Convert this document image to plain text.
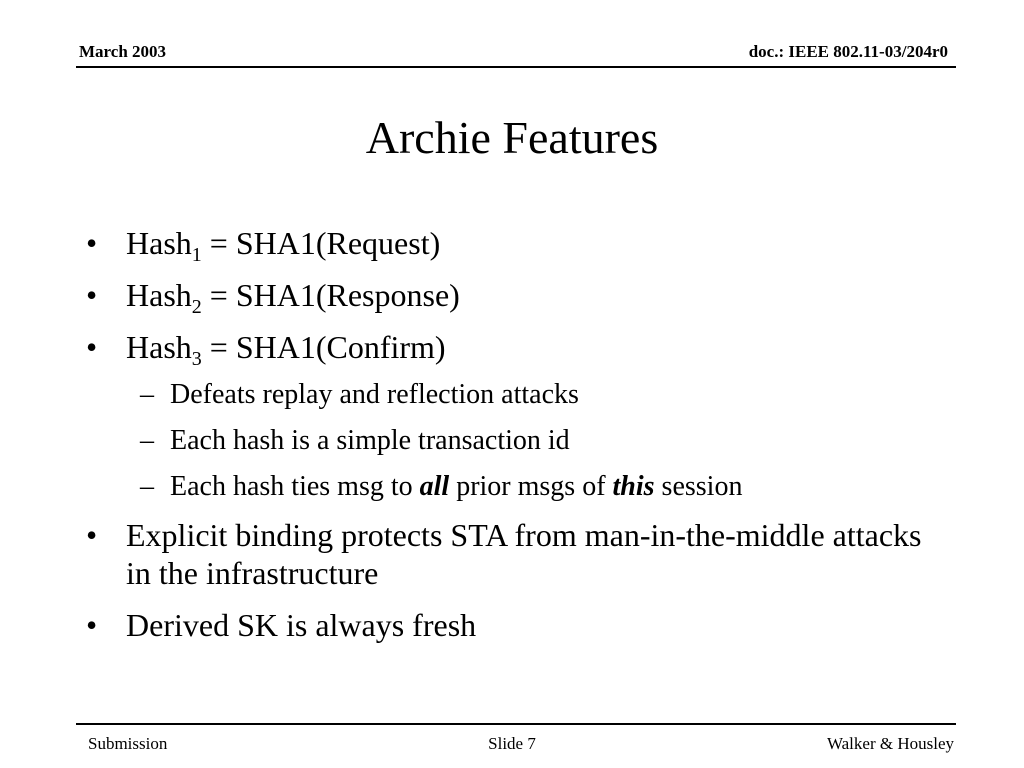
March 2003	doc.: IEEE 802.11-03/204r0
Archie Features
• Hash$_1$ = SHA1(Request)
• Hash$_2$ = SHA1(Response)
• Hash$_3$ = SHA1(Confirm)
– Defeats replay and reflection attacks
– Each hash is a simple transaction id
– Each hash ties msg to all prior msgs of this session
• Explicit binding protects STA from man-in-the-middle attacks in the infrastructure
• Derived SK is always fresh
Submission	Slide 7	Walker & Housley
